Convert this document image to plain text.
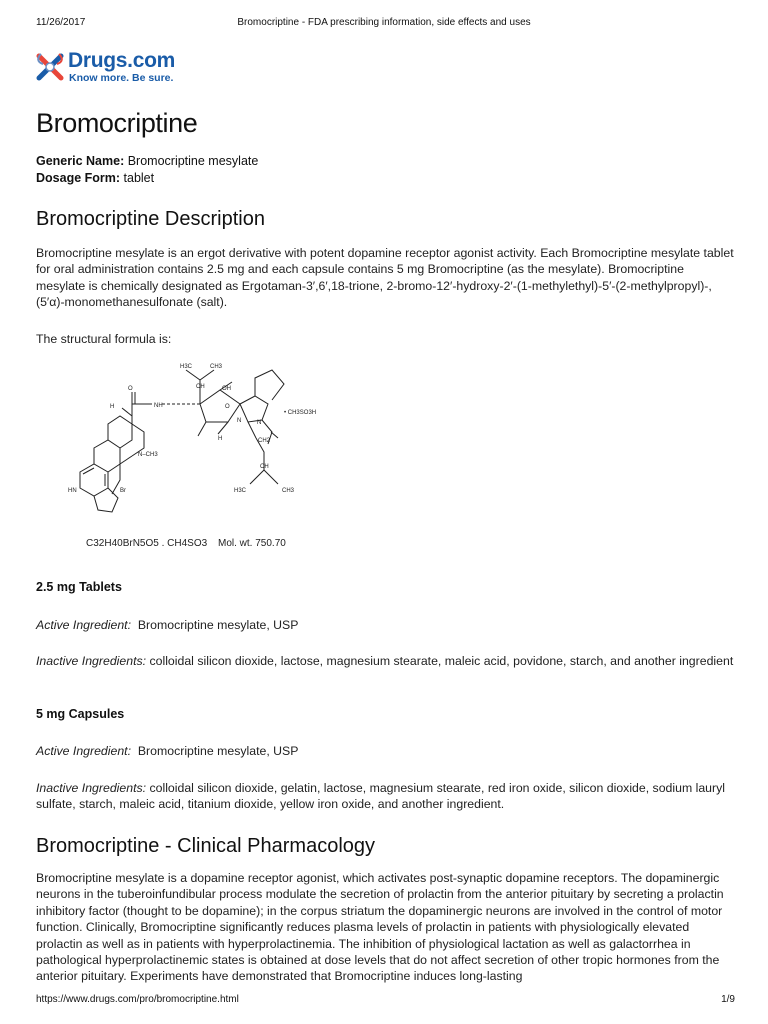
11/26/2017	Bromocriptine - FDA prescribing information, side effects and uses
Drugs.com
Know more. Be sure.
Bromocriptine
Generic Name: Bromocriptine mesylate
Dosage Form: tablet
Bromocriptine Description

Bromocriptine mesylate is an ergot derivative with potent dopamine receptor agonist activity. Each Bromocriptine mesylate tablet for oral administration contains 2.5 mg and each capsule contains 5 mg Bromocriptine (as the mesylate). Bromocriptine mesylate is chemically designated as Ergotaman-3′,6′,18-trione, 2-bromo-12′-hydroxy-2′-(1-methylethyl)-5′-(2-methylpropyl)-, (5′α)-monomethanesulfonate (salt).

The structural formula is:

H3C	CH3
CH	OH
O
NH
O
N	N
N–CH3
H
H	CH2
CH
H3C	CH3
HN	Br
• CH3SO3H
C32H40BrN5O5 . CH4SO3 Mol. wt. 750.70
2.5 mg Tablets

Active Ingredient: Bromocriptine mesylate, USP

Inactive Ingredients: colloidal silicon dioxide, lactose, magnesium stearate, maleic acid, povidone, starch, and another ingredient

5 mg Capsules

Active Ingredient: Bromocriptine mesylate, USP

Inactive Ingredients: colloidal silicon dioxide, gelatin, lactose, magnesium stearate, red iron oxide, silicon dioxide, sodium lauryl sulfate, starch, maleic acid, titanium dioxide, yellow iron oxide, and another ingredient.

Bromocriptine - Clinical Pharmacology

Bromocriptine mesylate is a dopamine receptor agonist, which activates post-synaptic dopamine receptors. The dopaminergic neurons in the tuberoinfundibular process modulate the secretion of prolactin from the anterior pituitary by secreting a prolactin inhibitory factor (thought to be dopamine); in the corpus striatum the dopaminergic neurons are involved in the control of motor function. Clinically, Bromocriptine significantly reduces plasma levels of prolactin in patients with physiologically elevated prolactin as well as in patients with hyperprolactinemia. The inhibition of physiological lactation as well as galactorrhea in pathological hyperprolactinemic states is obtained at dose levels that do not affect secretion of other tropic hormones from the anterior pituitary. Experiments have demonstrated that Bromocriptine induces long-lasting

https://www.drugs.com/pro/bromocriptine.html	1/9
